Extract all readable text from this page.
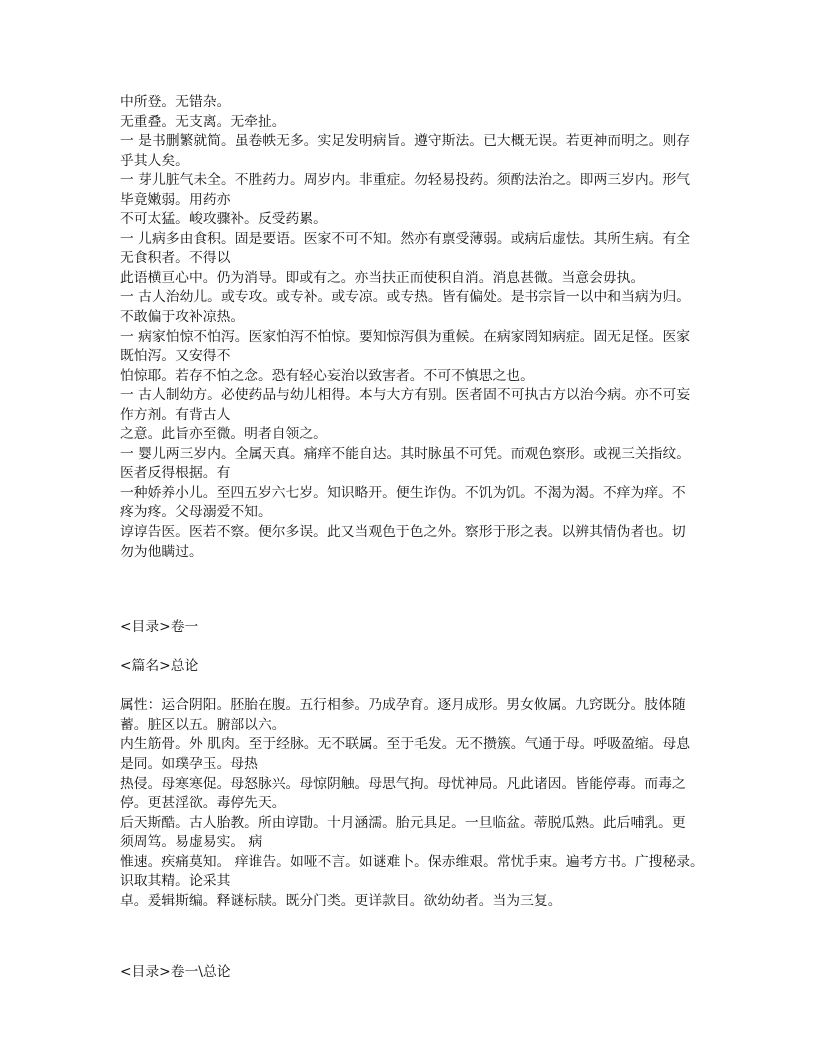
中所登。无错杂。
无重叠。无支离。无牵扯。
一 是书删繁就简。虽卷帙无多。实足发明病旨。遵守斯法。已大概无误。若更神而明之。则存
乎其人矣。
一 芽儿脏气未全。不胜药力。周岁内。非重症。勿轻易投药。须酌法治之。即两三岁内。形气
毕竟嫩弱。用药亦
不可太猛。峻攻骤补。反受药累。
一 儿病多由食积。固是要语。医家不可不知。然亦有禀受薄弱。或病后虚怯。其所生病。有全
无食积者。不得以
此语横亘心中。仍为消导。即或有之。亦当扶正而使积自消。消息甚微。当意会毋执。
一 古人治幼儿。或专攻。或专补。或专凉。或专热。皆有偏处。是书宗旨一以中和当病为归。
不敢偏于攻补凉热。
一 病家怕惊不怕泻。医家怕泻不怕惊。要知惊泻俱为重候。在病家罔知病症。固无足怪。医家
既怕泻。又安得不
怕惊耶。若存不怕之念。恐有轻心妄治以致害者。不可不慎思之也。
一 古人制幼方。必使药品与幼儿相得。本与大方有别。医者固不可执古方以治今病。亦不可妄
作方剂。有背古人
之意。此旨亦至微。明者自领之。
一 婴儿两三岁内。全属天真。痛痒不能自达。其时脉虽不可凭。而观色察形。或视三关指纹。
医者反得根据。有
一种娇养小儿。至四五岁六七岁。知识略开。便生诈伪。不饥为饥。不渴为渴。不痒为痒。不
疼为疼。父母溺爱不知。
谆谆告医。医若不察。便尔多误。此又当观色于色之外。察形于形之表。以辨其情伪者也。切
勿为他瞒过。
<目录>卷一
<篇名>总论
属性：运合阴阳。胚胎在腹。五行相参。乃成孕育。逐月成形。男女攸属。九窍既分。肢体随
蓄。脏区以五。腑部以六。
内生筋骨。外 肌肉。至于经脉。无不联属。至于毛发。无不攒簇。气通于母。呼吸盈缩。母息
是同。如璞孕玉。母热
热侵。母寒寒促。母怒脉兴。母惊阴触。母思气拘。母忧神局。凡此诸因。皆能停毒。而毒之
停。更甚淫欲。毒停先天。
后天斯酷。古人胎教。所由谆勖。十月涵濡。胎元具足。一旦临盆。蒂脱瓜熟。此后哺乳。更
须周笃。易虚易实。 病
惟速。疾痛莫知。 痒谁告。如哑不言。如谜难卜。保赤维艰。常忧手束。遍考方书。广搜秘录。
识取其精。论采其
卓。爰辑斯编。释谜标牍。既分门类。更详款目。欲幼幼者。当为三复。
<目录>卷一\总论
